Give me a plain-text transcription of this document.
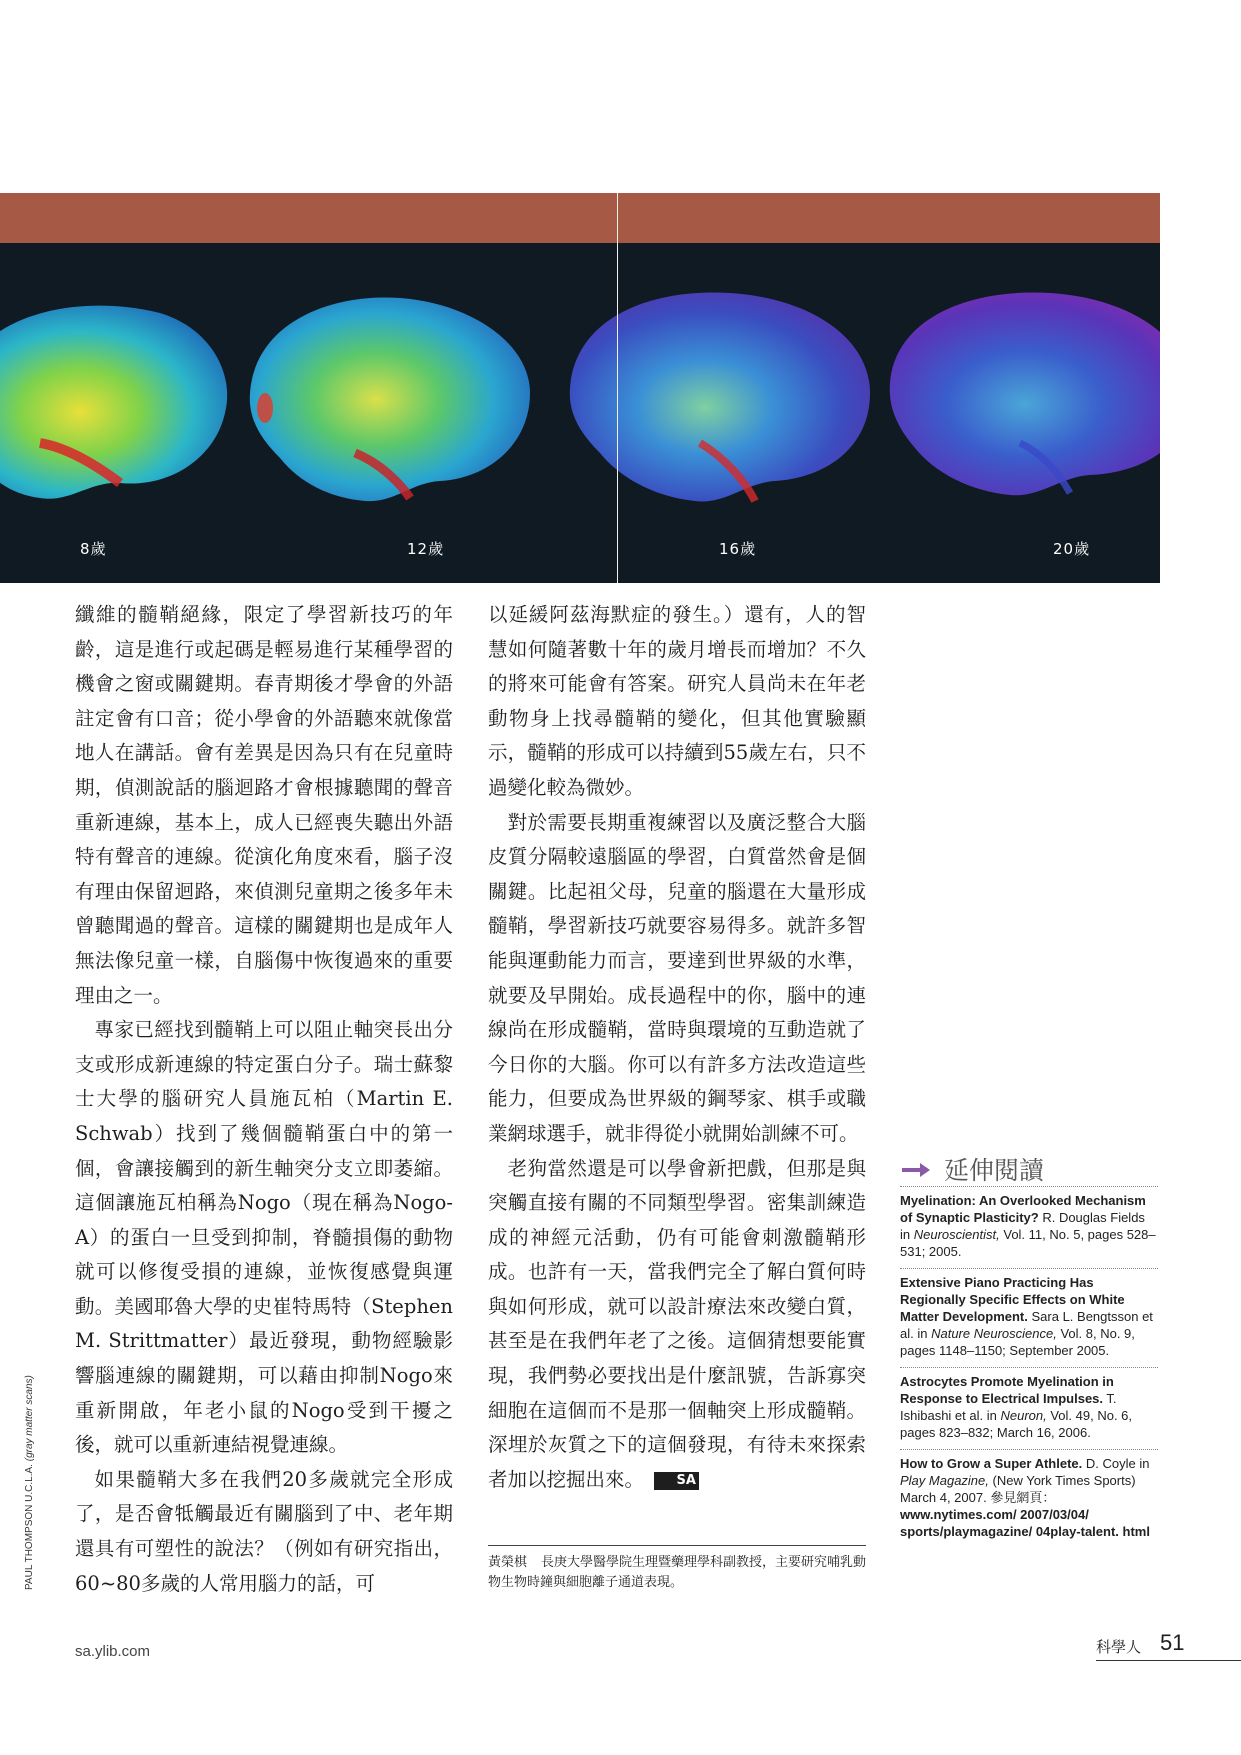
8歲	12歲	16歲	20歲

纖維的髓鞘絕緣，限定了學習新技巧的年齡，這是進行或起碼是輕易進行某種學習的機會之窗或關鍵期。春青期後才學會的外語註定會有口音；從小學會的外語聽來就像當地人在講話。會有差異是因為只有在兒童時期，偵測說話的腦迴路才會根據聽聞的聲音重新連線，基本上，成人已經喪失聽出外語特有聲音的連線。從演化角度來看，腦子沒有理由保留迴路，來偵測兒童期之後多年未曾聽聞過的聲音。這樣的關鍵期也是成年人無法像兒童一樣，自腦傷中恢復過來的重要理由之一。

專家已經找到髓鞘上可以阻止軸突長出分支或形成新連線的特定蛋白分子。瑞士蘇黎士大學的腦研究人員施瓦柏（Martin E. Schwab）找到了幾個髓鞘蛋白中的第一個，會讓接觸到的新生軸突分支立即萎縮。這個讓施瓦柏稱為Nogo（現在稱為Nogo-A）的蛋白一旦受到抑制，脊髓損傷的動物就可以修復受損的連線，並恢復感覺與運動。美國耶魯大學的史崔特馬特（Stephen M. Strittmatter）最近發現，動物經驗影響腦連線的關鍵期，可以藉由抑制Nogo來重新開啟，年老小鼠的Nogo受到干擾之後，就可以重新連結視覺連線。

如果髓鞘大多在我們20多歲就完全形成了，是否會牴觸最近有關腦到了中、老年期還具有可塑性的說法？（例如有研究指出，60~80多歲的人常用腦力的話，可

以延緩阿茲海默症的發生。）還有，人的智慧如何隨著數十年的歲月增長而增加？不久的將來可能會有答案。研究人員尚未在年老動物身上找尋髓鞘的變化，但其他實驗顯示，髓鞘的形成可以持續到55歲左右，只不過變化較為微妙。

對於需要長期重複練習以及廣泛整合大腦皮質分隔較遠腦區的學習，白質當然會是個關鍵。比起祖父母，兒童的腦還在大量形成髓鞘，學習新技巧就要容易得多。就許多智能與運動能力而言，要達到世界級的水準，就要及早開始。成長過程中的你，腦中的連線尚在形成髓鞘，當時與環境的互動造就了今日你的大腦。你可以有許多方法改造這些能力，但要成為世界級的鋼琴家、棋手或職業網球選手，就非得從小就開始訓練不可。

老狗當然還是可以學會新把戲，但那是與突觸直接有關的不同類型學習。密集訓練造成的神經元活動，仍有可能會刺激髓鞘形成。也許有一天，當我們完全了解白質何時與如何形成，就可以設計療法來改變白質，甚至是在我們年老了之後。這個猜想要能實現，我們勢必要找出是什麼訊號，告訴寡突細胞在這個而不是那一個軸突上形成髓鞘。深埋於灰質之下的這個發現，有待未來探索者加以挖掘出來。	SA

黃榮棋 長庚大學醫學院生理暨藥理學科副教授，主要研究哺乳動物生物時鐘與細胞離子通道表現。
PAUL THOMPSON U.C.L.A. (gray matter scans)
延伸閱讀
Myelination: An Overlooked Mechanism of Synaptic Plasticity? R. Douglas Fields in Neuroscientist, Vol. 11, No. 5, pages 528–531; 2005.
Extensive Piano Practicing Has Regionally Specific Effects on White Matter Development. Sara L. Bengtsson et al. in Nature Neuroscience, Vol. 8, No. 9, pages 1148–1150; September 2005.
Astrocytes Promote Myelination in Response to Electrical Impulses. T. Ishibashi et al. in Neuron, Vol. 49, No. 6, pages 823–832; March 16, 2006.
How to Grow a Super Athlete. D. Coyle in Play Magazine, (New York Times Sports) March 4, 2007. 參見網頁： www.nytimes.com/ 2007/03/04/ sports/playmagazine/ 04play-talent. html
sa.ylib.com	科學人 51
